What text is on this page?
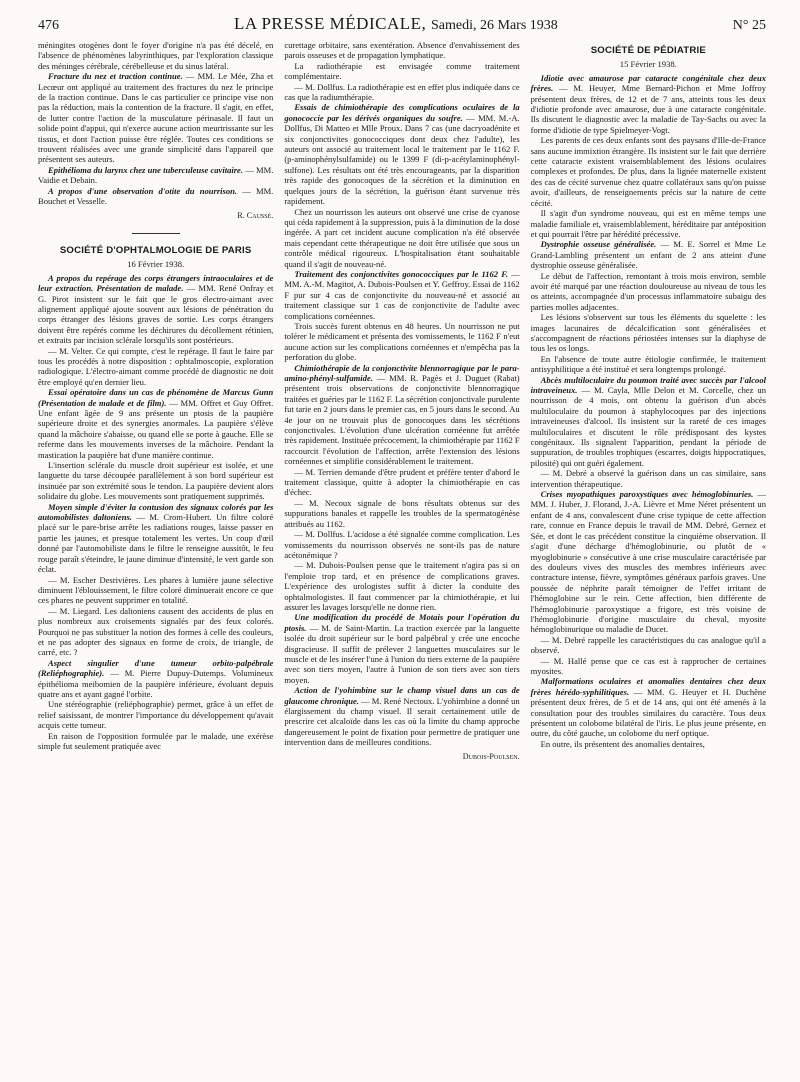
476	LA PRESSE MÉDICALE, Samedi, 26 Mars 1938	N° 25

méningites otogènes dont le foyer d'origine n'a pas été décelé, en l'absence de phénomènes labyrinthiques, par l'exploration classique des méninges cérébrale, cérébelleuse et du sinus latéral.

Fracture du nez et traction continue. — MM. Le Mée, Zha et Lecœur ont appliqué au traitement des fractures du nez le principe de la traction continue. Dans le cas particulier ce principe vise non pas la réduction, mais la contention de la fracture. Il s'agit, en effet, de lutter contre l'action de la musculature périnasale. Il faut un solide point d'appui, qui n'exerce aucune action meurtrissante sur les tissus, et dont l'action puisse être réglée. Toutes ces conditions se trouvent réalisées avec une grande simplicité dans l'appareil que présentent ses auteurs.

Epithélioma du larynx chez une tuberculeuse cavitaire. — MM. Vaidie et Debain.

A propos d'une observation d'otite du nourrison. — MM. Bouchet et Vesselle.

R. Caussé.
SOCIÉTÉ D'OPHTALMOLOGIE DE PARIS
16 Février 1938.

A propos du repérage des corps étrangers intraoculaires et de leur extraction. Présentation de malade. — MM. René Onfray et G. Pirot insistent sur le fait que le gros électro-aimant avec alignement appliqué ajoute souvent aux lésions de pénétration du corps étranger des lésions graves de sortie. Les corps étrangers doivent être repérés comme les déchirures du décollement rétinien, et extraits par incision sclérale lorsqu'ils sont postérieurs.

— M. Velter. Ce qui compte, c'est le repérage. Il faut le faire par tous les procédés à notre disposition : ophtalmoscopie, exploration radiologique. L'électro-aimant comme procédé de diagnostic ne doit être employé qu'en dernier lieu.

Essai opératoire dans un cas de phénomène de Marcus Gunn (Présentation de malade et de film). — MM. Offret et Guy Offret. Une enfant âgée de 9 ans présente un ptosis de la paupière supérieure droite et des synergies anormales. La paupière s'élève quand la mâchoire s'abaisse, ou quand elle se porte à gauche. Elle se referme dans les mouvements inverses de la mâchoire. Pendant la mastication la paupière bat d'une manière continue.

L'insertion sclérale du muscle droit supérieur est isolée, et une languette du tarse découpée parallèlement à son bord supérieur est insinuée par son extrémité sous le tendon. La paupière devient alors solidaire du globe. Les mouvements sont pratiquement supprimés.

Moyen simple d'éviter la contusion des signaux colorés par les automobilistes daltoniens. — M. Crom-Hubert. Un filtre coloré placé sur le pare-brise arrête les radiations rouges, laisse passer en partie les jaunes, et presque totalement les vertes. Un coup d'œil donné par l'automobiliste dans le filtre le renseigne aussitôt, le feu rouge paraît s'éteindre, le jaune diminue d'intensité, le vert garde son éclat.

— M. Escher Desrivières. Les phares à lumière jaune sélective diminuent l'éblouissement, le filtre coloré diminuerait encore ce que ces phares ne peuvent supprimer en totalité.

— M. Liegard. Les daltoniens causent des accidents de plus en plus nombreux aux croisements signalés par des feux colorés. Pourquoi ne pas substituer la notion des formes à celle des couleurs, et ne pas adopter des signaux en forme de croix, de triangle, de carré, etc. ?

Aspect singulier d'une tumeur orbito-palpébrale (Reliéphographie). — M. Pierre Dupuy-Dutemps. Volumineux épithélioma meibomien de la paupière inférieure, évoluant depuis quatre ans et ayant gagné l'orbite.

Une stéréographie (reliéphographie) permet, grâce à un effet de relief saisissant, de montrer l'importance du développement qu'avait acquis cette tumeur.

En raison de l'opposition formulée par le malade, une exérèse simple fut seulement pratiquée avec

curettage orbitaire, sans exentération. Absence d'envahissement des parois osseuses et de propagation lymphatique.

La radiothérapie est envisagée comme traitement complémentaire.

— M. Dollfus. La radiothérapie est en effet plus indiquée dans ce cas que la radiumthérapie.

Essais de chimiothérapie des complications oculaires de la gonococcie par les dérivés organiques du soufre. — MM. M.-A. Dollfus, Di Matteo et Mlle Proux. Dans 7 cas (une dacryoadénite et six conjonctivites gonococciques dont deux chez l'adulte), les auteurs ont associé au traitement local le traitement par le 1162 F. (p-aminophénylsulfamide) ou le 1399 F (di-p-acétylaminophényl-sulfone). Les résultats ont été très encourageants, par la disparition très rapide des gonocoques de la sécrétion et la diminution en quelques jours de la sécrétion, la guérison étant survenue très rapidement.

Chez un nourrisson les auteurs ont observé une crise de cyanose qui céda rapidement à la suppression, puis à la diminution de la dose ingérée. A part cet incident aucune complication n'a été observée mais cependant cette thérapeutique ne doit être utilisée que sous un contrôle médical rigoureux. L'hospitalisation étant souhaitable quand il s'agit de nouveau-né.

Traitement des conjonctivites gonococciques par le 1162 F. — MM. A.-M. Magitot, A. Dubois-Poulsen et Y. Geffroy. Essai de 1162 F pur sur 4 cas de conjonctivite du nouveau-né et associé au traitement classique sur 1 cas de conjonctivite de l'adulte avec complications cornéennes.

Trois succès furent obtenus en 48 heures. Un nourrisson ne put tolérer le médicament et présenta des vomissements, le 1162 F n'eut aucune action sur les complications cornéennes et n'empêcha pas la perforation du globe.

Chimiothérapie de la conjonctivite blennorragique par le para-amino-phényl-sulfamide. — MM. R. Pagès et J. Duguet (Rabat) présentent trois observations de conjonctivite blennorragique traitées et guéries par le 1162 F. La sécrétion conjonctivale purulente fut tarie en 2 jours dans le premier cas, en 5 jours dans le second. Au 4e jour on ne trouvait plus de gonocoques dans les sécrétions conjonctivales. L'évolution d'une ulcération cornéenne fut arrêtée très rapidement. Instituée précocement, la chimiothérapie par 1162 F raccourcit l'évolution de l'affection, arrête l'extension des lésions cornéennes et simplifie considérablement le traitement.

— M. Terrien demande d'être prudent et préfère tenter d'abord le traitement classique, quitte à adopter la chimiothérapie en cas d'échec.

— M. Necoux signale de bons résultats obtenus sur des suppurations banales et rappelle les troubles de la spermatogénèse attribués au 1162.

— M. Dollfus. L'acidose a été signalée comme complication. Les vomissements du nourrisson observés ne sont-ils pas de nature acétonémique ?

— M. Dubois-Poulsen pense que le traitement n'agira pas si on l'emploie trop tard, et en présence de complications graves. L'expérience des urologistes suffit à dicter la conduite des ophtalmologistes. Il faut commencer par la chimiothérapie, et lui assurer les lavages lorsqu'elle ne donne rien.

Une modification du procédé de Motais pour l'opération du ptosis. — M. de Saint-Martin. La traction exercée par la languette isolée du droit supérieur sur le bord palpébral y crée une encoche disgracieuse. Il suffit de prélever 2 languettes musculaires sur le muscle et de les insérer l'une à l'union du tiers externe de la paupière avec son tiers moyen, l'autre à l'union de son tiers avec son tiers moyen.

Action de l'yohimbine sur le champ visuel dans un cas de glaucome chronique. — M. René Nectoux. L'yohimbine a donné un élargissement du champ visuel. Il serait certainement utile de prescrire cet alcaloïde dans les cas où la limite du champ approche dangereusement le point de fixation pour permettre de pratiquer une intervention dans de meilleures conditions.

Dubois-Poulsen.
SOCIÉTÉ DE PÉDIATRIE
15 Février 1938.

Idiotie avec amaurose par cataracte congénitale chez deux frères. — M. Heuyer, Mme Bernard-Pichon et Mme Joffroy présentent deux frères, de 12 et de 7 ans, atteints tous les deux d'idiotie profonde avec amaurose, due à une cataracte congénitale. Ils discutent le diagnostic avec la maladie de Tay-Sachs ou avec la forme d'idiotie de type Spielmeyer-Vogt.

Les parents de ces deux enfants sont des paysans d'Ille-de-France sans aucune immixtion étrangère. Ils insistent sur le fait que derrière cette cataracte existent vraisemblablement des lésions oculaires complexes et profondes. De plus, dans la lignée maternelle existent des cas de cécité survenue chez quatre collatéraux sans qu'on puisse avoir, d'ailleurs, de renseignements précis sur la nature de cette cécité.

Il s'agit d'un syndrome nouveau, qui est en même temps une maladie familiale et, vraisemblablement, héréditaire par antéposition et qui pourrait l'être par hérédité précessive.

Dystrophie osseuse généralisée. — M. E. Sorrel et Mme Le Grand-Lambling présentent un enfant de 2 ans atteint d'une dystrophie osseuse généralisée.

Le début de l'affection, remontant à trois mois environ, semble avoir été marqué par une réaction douloureuse au niveau de tous les os atteints, accompagnée d'un processus inflammatoire subaigu des parties molles adjacentes.

Les lésions s'observent sur tous les éléments du squelette : les images lacunaires de décalcification sont généralisées et s'accompagnent de réactions périostées intenses sur la diaphyse de tous les os longs.

En l'absence de toute autre étiologie confirmée, le traitement antisyphilitique a été institué et sera longtemps prolongé.

Abcès multiloculaire du poumon traité avec succès par l'alcool intraveineux. — M. Cayla, Mlle Delon et M. Corcelle, chez un nourrisson de 4 mois, ont obtenu la guérison d'un abcès multiloculaire du poumon à staphylocoques par des injections intraveineuses d'alcool. Ils insistent sur la rareté de ces images multiloculaires et discutent le rôle prédisposant des kystes congénitaux. Ils signalent l'apparition, pendant la période de suppuration, de troubles trophiques (escarres, doigts hippocratiques, pilosité) qui ont guéri également.

— M. Debré a observé la guérison dans un cas similaire, sans intervention thérapeutique.

Crises myopathiques paroxystiques avec hémoglobinuries. — MM. J. Huber, J. Florand, J.-A. Lièvre et Mme Néret présentent un enfant de 4 ans, convalescent d'une crise typique de cette affection rare, connue en France depuis le travail de MM. Debré, Gernez et Sée, et dont le cas précédent constitue la cinquième observation. Il s'agit d'une décharge d'hémoglobinurie, ou plutôt de « myoglobinurie » consécutive à une crise musculaire caractérisée par des douleurs vives des muscles des membres inférieurs avec contracture intense, fièvre, symptômes généraux parfois graves. Une poussée de néphrite paraît témoigner de l'effet irritant de l'hémoglobine sur le rein. Cette affection, bien différente de l'hémoglobinurie paroxystique a frigore, est très voisine de l'hémoglobinurie d'origine musculaire du cheval, myosite hémoglobinurique ou maladie de Ducet.

— M. Debré rappelle les caractéristiques du cas analogue qu'il a observé.

— M. Hallé pense que ce cas est à rapprocher de certaines myosites.

Malformations oculaires et anomalies dentaires chez deux frères hérédo-syphilitiques. — MM. G. Heuyer et H. Duchêne présentent deux frères, de 5 et de 14 ans, qui ont été amenés à la consultation pour des troubles similaires du caractère. Tous deux présentent un colobome bilatéral de l'iris. Le plus jeune présente, en outre, du côté gauche, un colobome du nerf optique.

En outre, ils présentent des anomalies dentaires,
